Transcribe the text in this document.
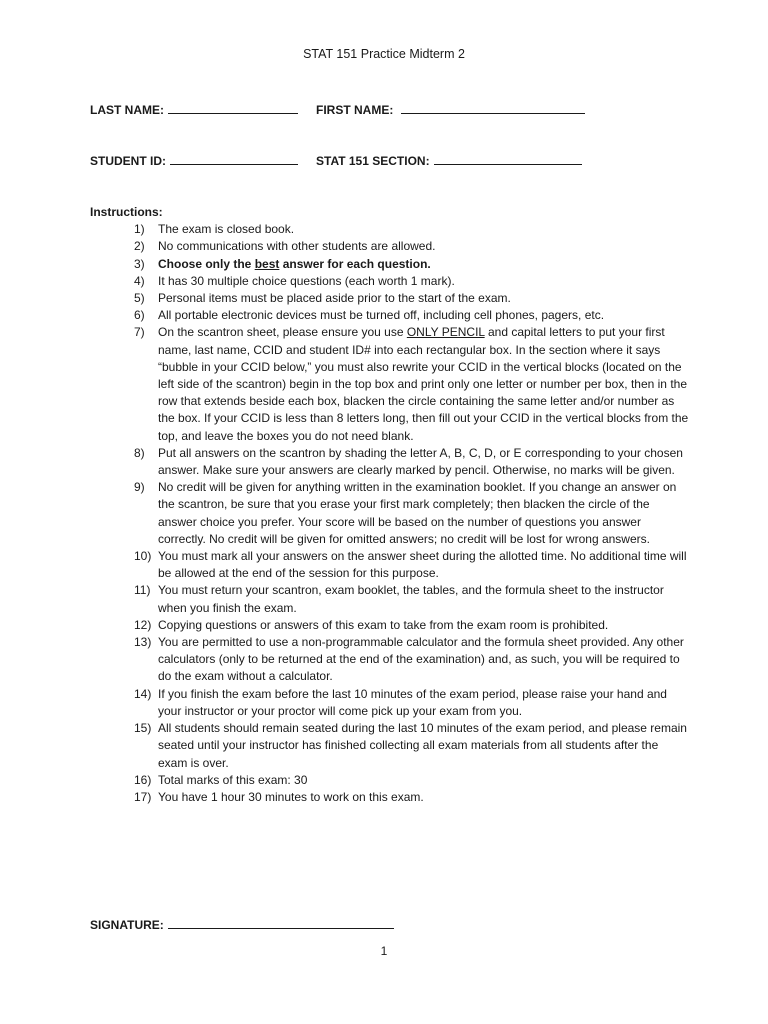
STAT 151 Practice Midterm 2
LAST NAME:	FIRST NAME:
STUDENT ID:	STAT 151 SECTION:
Instructions:
1) The exam is closed book.
2) No communications with other students are allowed.
3) Choose only the best answer for each question.
4) It has 30 multiple choice questions (each worth 1 mark).
5) Personal items must be placed aside prior to the start of the exam.
6) All portable electronic devices must be turned off, including cell phones, pagers, etc.
7) On the scantron sheet, please ensure you use ONLY PENCIL and capital letters to put your first name, last name, CCID and student ID# into each rectangular box. In the section where it says “bubble in your CCID below,” you must also rewrite your CCID in the vertical blocks (located on the left side of the scantron) begin in the top box and print only one letter or number per box, then in the row that extends beside each box, blacken the circle containing the same letter and/or number as the box. If your CCID is less than 8 letters long, then fill out your CCID in the vertical blocks from the top, and leave the boxes you do not need blank.
8) Put all answers on the scantron by shading the letter A, B, C, D, or E corresponding to your chosen answer. Make sure your answers are clearly marked by pencil. Otherwise, no marks will be given.
9) No credit will be given for anything written in the examination booklet. If you change an answer on the scantron, be sure that you erase your first mark completely; then blacken the circle of the answer choice you prefer. Your score will be based on the number of questions you answer correctly. No credit will be given for omitted answers; no credit will be lost for wrong answers.
10) You must mark all your answers on the answer sheet during the allotted time. No additional time will be allowed at the end of the session for this purpose.
11) You must return your scantron, exam booklet, the tables, and the formula sheet to the instructor when you finish the exam.
12) Copying questions or answers of this exam to take from the exam room is prohibited.
13) You are permitted to use a non-programmable calculator and the formula sheet provided. Any other calculators (only to be returned at the end of the examination) and, as such, you will be required to do the exam without a calculator.
14) If you finish the exam before the last 10 minutes of the exam period, please raise your hand and your instructor or your proctor will come pick up your exam from you.
15) All students should remain seated during the last 10 minutes of the exam period, and please remain seated until your instructor has finished collecting all exam materials from all students after the exam is over.
16) Total marks of this exam: 30
17) You have 1 hour 30 minutes to work on this exam.
SIGNATURE:
1
